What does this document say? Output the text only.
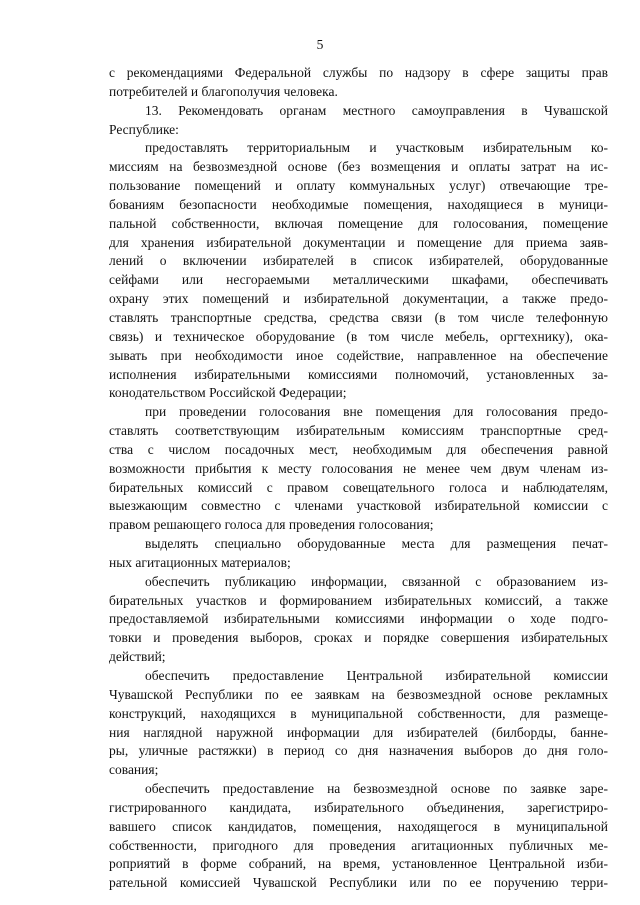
5
с рекомендациями Федеральной службы по надзору в сфере защиты прав
потребителей и благополучия человека.
13. Рекомендовать органам местного самоуправления в Чувашской
Республике:
предоставлять территориальным и участковым избирательным ко-
миссиям на безвозмездной основе (без возмещения и оплаты затрат на ис-
пользование помещений и оплату коммунальных услуг) отвечающие тре-
бованиям безопасности необходимые помещения, находящиеся в муници-
пальной собственности, включая помещение для голосования, помещение
для хранения избирательной документации и помещение для приема заяв-
лений о включении избирателей в список избирателей, оборудованные
сейфами или несгораемыми металлическими шкафами, обеспечивать
охрану этих помещений и избирательной документации, а также предо-
ставлять транспортные средства, средства связи (в том числе телефонную
связь) и техническое оборудование (в том числе мебель, оргтехнику), ока-
зывать при необходимости иное содействие, направленное на обеспечение
исполнения избирательными комиссиями полномочий, установленных за-
конодательством Российской Федерации;
при проведении голосования вне помещения для голосования предо-
ставлять соответствующим избирательным комиссиям транспортные сред-
ства с числом посадочных мест, необходимым для обеспечения равной
возможности прибытия к месту голосования не менее чем двум членам из-
бирательных комиссий с правом совещательного голоса и наблюдателям,
выезжающим совместно с членами участковой избирательной комиссии с
правом решающего голоса для проведения голосования;
выделять специально оборудованные места для размещения печат-
ных агитационных материалов;
обеспечить публикацию информации, связанной с образованием из-
бирательных участков и формированием избирательных комиссий, а также
предоставляемой избирательными комиссиями информации о ходе подго-
товки и проведения выборов, сроках и порядке совершения избирательных
действий;
обеспечить предоставление Центральной избирательной комиссии
Чувашской Республики по ее заявкам на безвозмездной основе рекламных
конструкций, находящихся в муниципальной собственности, для размеще-
ния наглядной наружной информации для избирателей (билборды, банне-
ры, уличные растяжки) в период со дня назначения выборов до дня голо-
сования;
обеспечить предоставление на безвозмездной основе по заявке заре-
гистрированного кандидата, избирательного объединения, зарегистриро-
вавшего список кандидатов, помещения, находящегося в муниципальной
собственности, пригодного для проведения агитационных публичных ме-
роприятий в форме собраний, на время, установленное Центральной изби-
рательной комиссией Чувашской Республики или по ее поручению терри-
